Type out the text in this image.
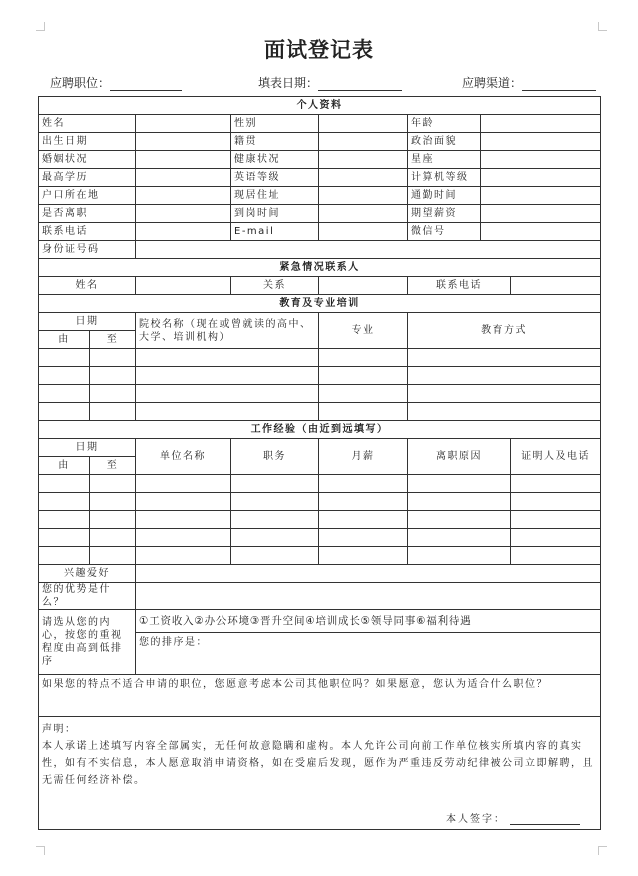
面试登记表
应聘职位：	填表日期：	应聘渠道：
个人资料							
姓名			性别		年龄		
出生日期			籍贯		政治面貌		
婚姻状况			健康状况		星座		
最高学历			英语等级		计算机等级		
户口所在地			现居住址		通勤时间		
是否离职			到岗时间		期望薪资		
联系电话			E-mail		微信号		
身份证号码							
紧急情况联系人							
姓名			关系		联系电话		
教育及专业培训							
日期		院校名称（现在或曾就读的高中、大学、培训机构）		专业	教育方式		
由	至						

工作经验（由近到远填写）							
日期		单位名称	职务	月薪	离职原因		证明人及电话
由	至						

兴趣爱好							
您的优势是什么？							
请选从您的内心，按您的重视程度由高到低排序		①工资收入②办公环境③晋升空间④培训成长⑤领导同事⑥福利待遇					
		您的排序是：					
如果您的特点不适合申请的职位，您愿意考虑本公司其他职位吗？如果愿意，您认为适合什么职位？							

声明：
本人承诺上述填写内容全部属实，无任何故意隐瞒和虚构。本人允许公司向前工作单位核实所填内容的真实性，如有不实信息，本人愿意取消申请资格，如在受雇后发现，愿作为严重违反劳动纪律被公司立即解聘，且无需任何经济补偿。							
本人签字：
